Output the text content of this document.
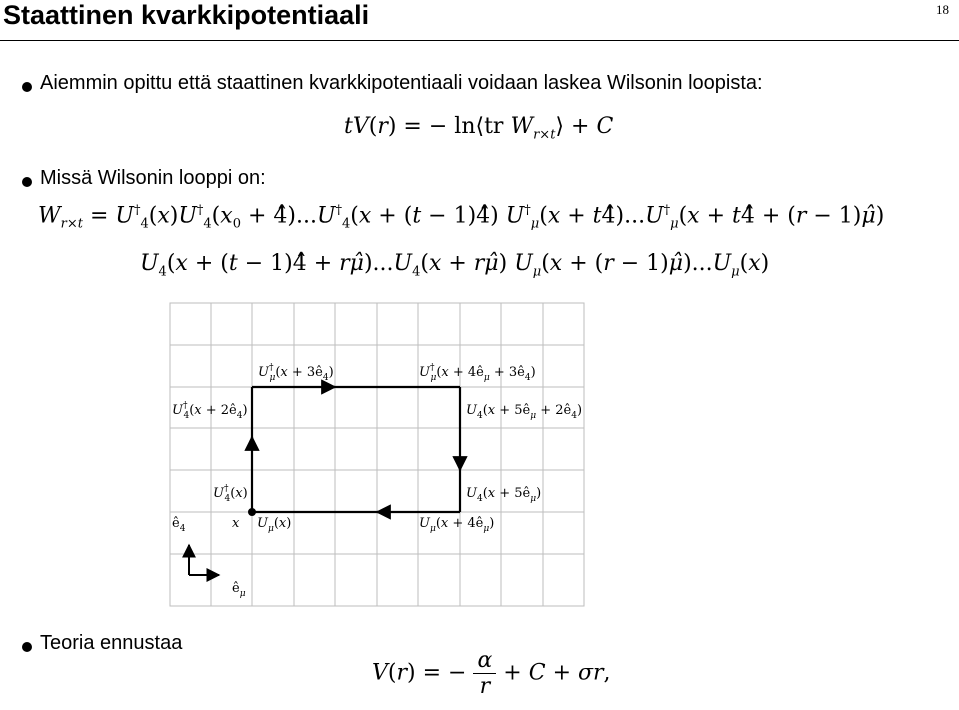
Staattinen kvarkkipotentiaali	18
Aiemmin opittu että staattinen kvarkkipotentiaali voidaan laskea Wilsonin loopista:
tV(r) = − ln⟨tr $W_{r\times t}⟩ + C$
Missä Wilsonin looppi on:
$W_{r\times t} = U^\dagger_4(x)U^\dagger_4(x_0$ + $4̂)...U^\dagger_4(x + (t$ − 1)4̂) $U^\dagger_\mu(x$ + $t4̂)...U^\dagger_\mu(x$ + t4̂ + (r − 1)μ̂)
$U_4(x + (t$ − 1)4̂ + $r\mû)...U_4(x$ + rμ̂) $U_\mu(x + (r$ − $1)\mû)...U_\mu(x)$
U† $\mu(x + 3ê_4)$	U† $\mu(x + 4ê_\mu$ + $3ê_4$)
U† $4(x + 2ê_4)$	$U_4(x$ + $5ê_\mu$ + $2ê_4$)
U† 4(x)	$U_4(x$ + $5ê_\mu$)
$U_\mu(x)$	$U_\mu(x$ + $4ê_\mu$)
x
$ê_4$
$ê_\mu$
Teoria ennustaa
V(r) = − $\frac{\alpha}{r} + C + \sigma r$,
